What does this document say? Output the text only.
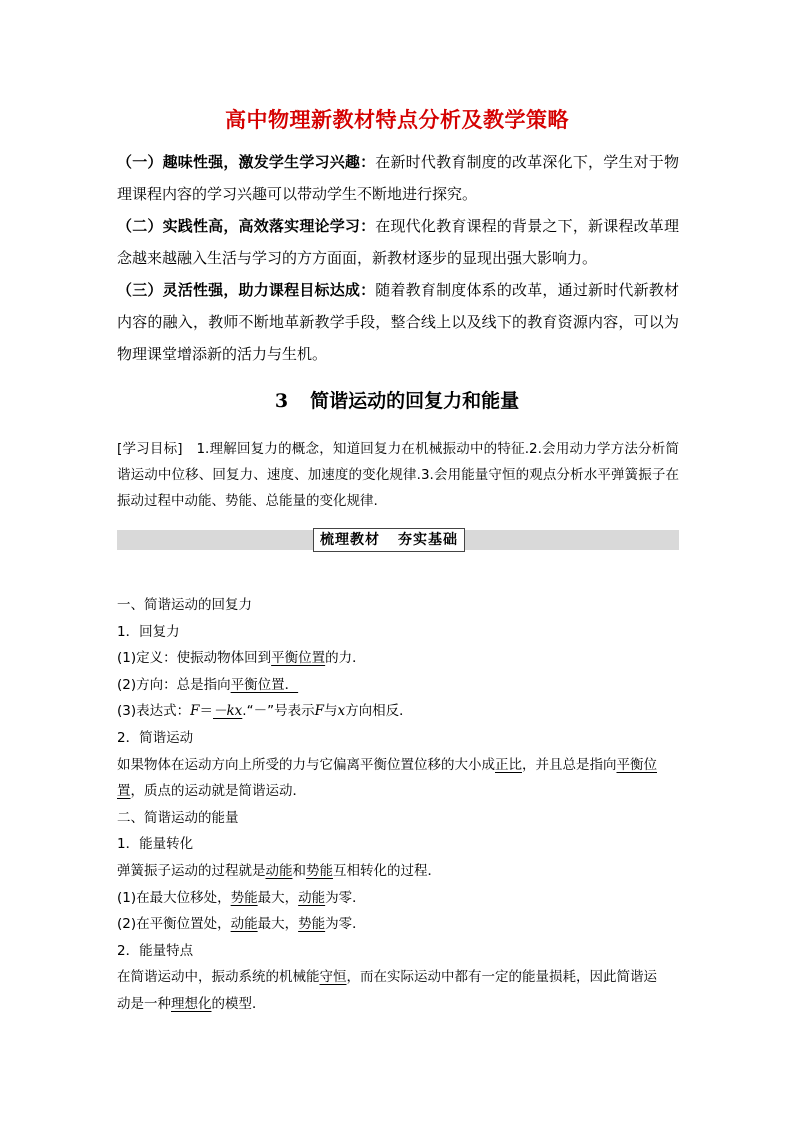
高中物理新教材特点分析及教学策略

（一）趣味性强，激发学生学习兴趣：在新时代教育制度的改革深化下，学生对于物理课程内容的学习兴趣可以带动学生不断地进行探究。

（二）实践性高，高效落实理论学习：在现代化教育课程的背景之下，新课程改革理念越来越融入生活与学习的方方面面，新教材逐步的显现出强大影响力。

（三）灵活性强，助力课程目标达成：随着教育制度体系的改革，通过新时代新教材内容的融入，教师不断地革新教学手段，整合线上以及线下的教育资源内容，可以为物理课堂增添新的活力与生机。

3 简谐运动的回复力和能量
[学习目标]　1.理解回复力的概念，知道回复力在机械振动中的特征.2.会用动力学方法分析简谐运动中位移、回复力、速度、加速度的变化规律.3.会用能量守恒的观点分析水平弹簧振子在振动过程中动能、势能、总能量的变化规律.
梳理教材 夯实基础
一、简谐运动的回复力
1．回复力
(1)定义：使振动物体回到平衡位置的力．
(2)方向：总是指向平衡位置．
(3)表达式：F＝－kx.“－”号表示F与x方向相反．
2．简谐运动
如果物体在运动方向上所受的力与它偏离平衡位置位移的大小成正比，并且总是指向平衡位
置，质点的运动就是简谐运动．
二、简谐运动的能量
1．能量转化
弹簧振子运动的过程就是动能和势能互相转化的过程．
(1)在最大位移处，势能最大，动能为零．
(2)在平衡位置处，动能最大，势能为零．
2．能量特点
在简谐运动中，振动系统的机械能守恒，而在实际运动中都有一定的能量损耗，因此简谐运
动是一种理想化的模型．
